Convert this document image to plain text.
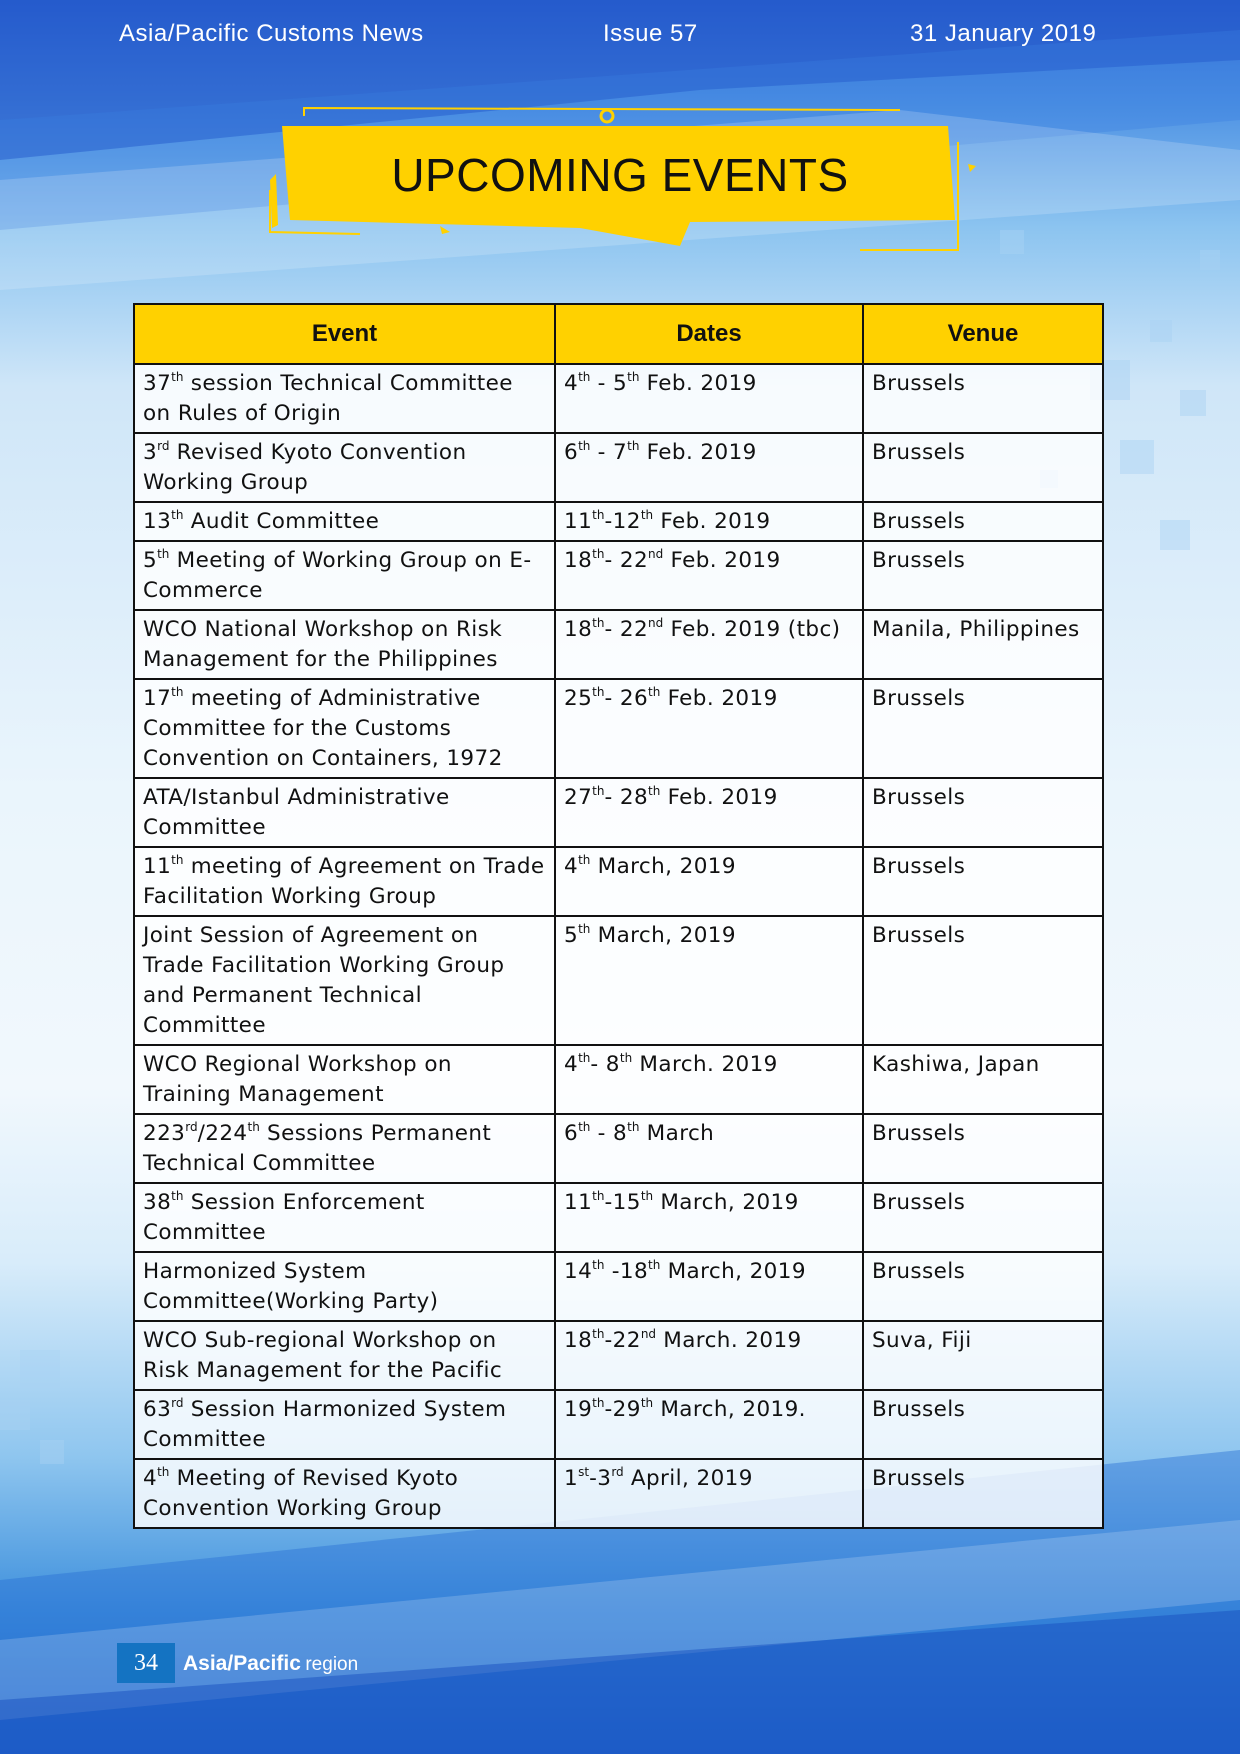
Asia/Pacific Customs News	Issue 57	31 January 2019
UPCOMING EVENTS
Event	Dates	Venue
37th session Technical Committee on Rules of Origin	4th - 5th Feb. 2019	Brussels
3rd Revised Kyoto Convention Working Group	6th - 7th Feb. 2019	Brussels
13th Audit Committee	11th-12th Feb. 2019	Brussels
5th Meeting of Working Group on E-Commerce	18th- 22nd Feb. 2019	Brussels
WCO National Workshop on Risk Management for the Philippines	18th- 22nd Feb. 2019 (tbc)	Manila, Philippines
17th meeting of Administrative Committee for the Customs Convention on Containers, 1972	25th- 26th Feb. 2019	Brussels
ATA/Istanbul Administrative Committee	27th- 28th Feb. 2019	Brussels
11th meeting of Agreement on Trade Facilitation Working Group	4th March, 2019	Brussels
Joint Session of Agreement on Trade Facilitation Working Group and Permanent Technical Committee	5th March, 2019	Brussels
WCO Regional Workshop on Training Management	4th- 8th March. 2019	Kashiwa, Japan
223rd/224th Sessions Permanent Technical Committee	6th - 8th March	Brussels
38th Session Enforcement Committee	11th-15th March, 2019	Brussels
Harmonized System Committee(Working Party)	14th -18th March, 2019	Brussels
WCO Sub-regional Workshop on Risk Management for the Pacific	18th-22nd March. 2019	Suva, Fiji
63rd Session Harmonized System Committee	19th-29th March, 2019.	Brussels
4th Meeting of Revised Kyoto Convention Working Group	1st-3rd April, 2019	Brussels
34	Asia/Pacific region
